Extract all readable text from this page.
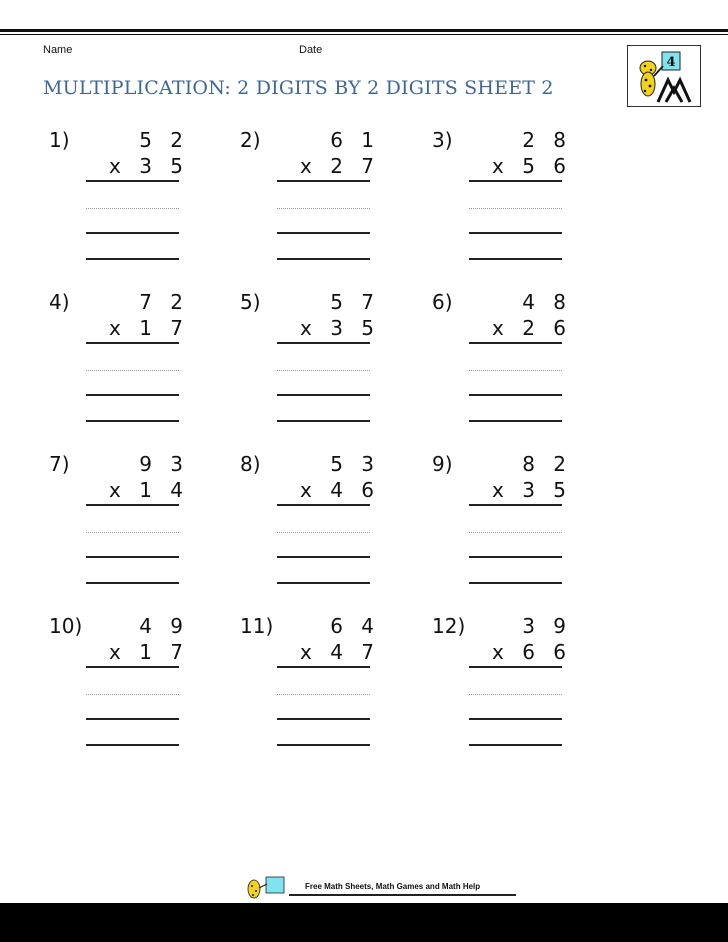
Name	Date
MULTIPLICATION: 2 DIGITS BY 2 DIGITS SHEET 2
4
1)	5 2
x 3 5
2)	6 1
x 2 7
3)	2 8
x 5 6
4)	7 2
x 1 7
5)	5 7
x 3 5
6)	4 8
x 2 6
7)	9 3
x 1 4
8)	5 3
x 4 6
9)	8 2
x 3 5
10)	4 9
x 1 7
11)	6 4
x 4 7
12)	3 9
x 6 6
Free Math Sheets, Math Games and Math Help
